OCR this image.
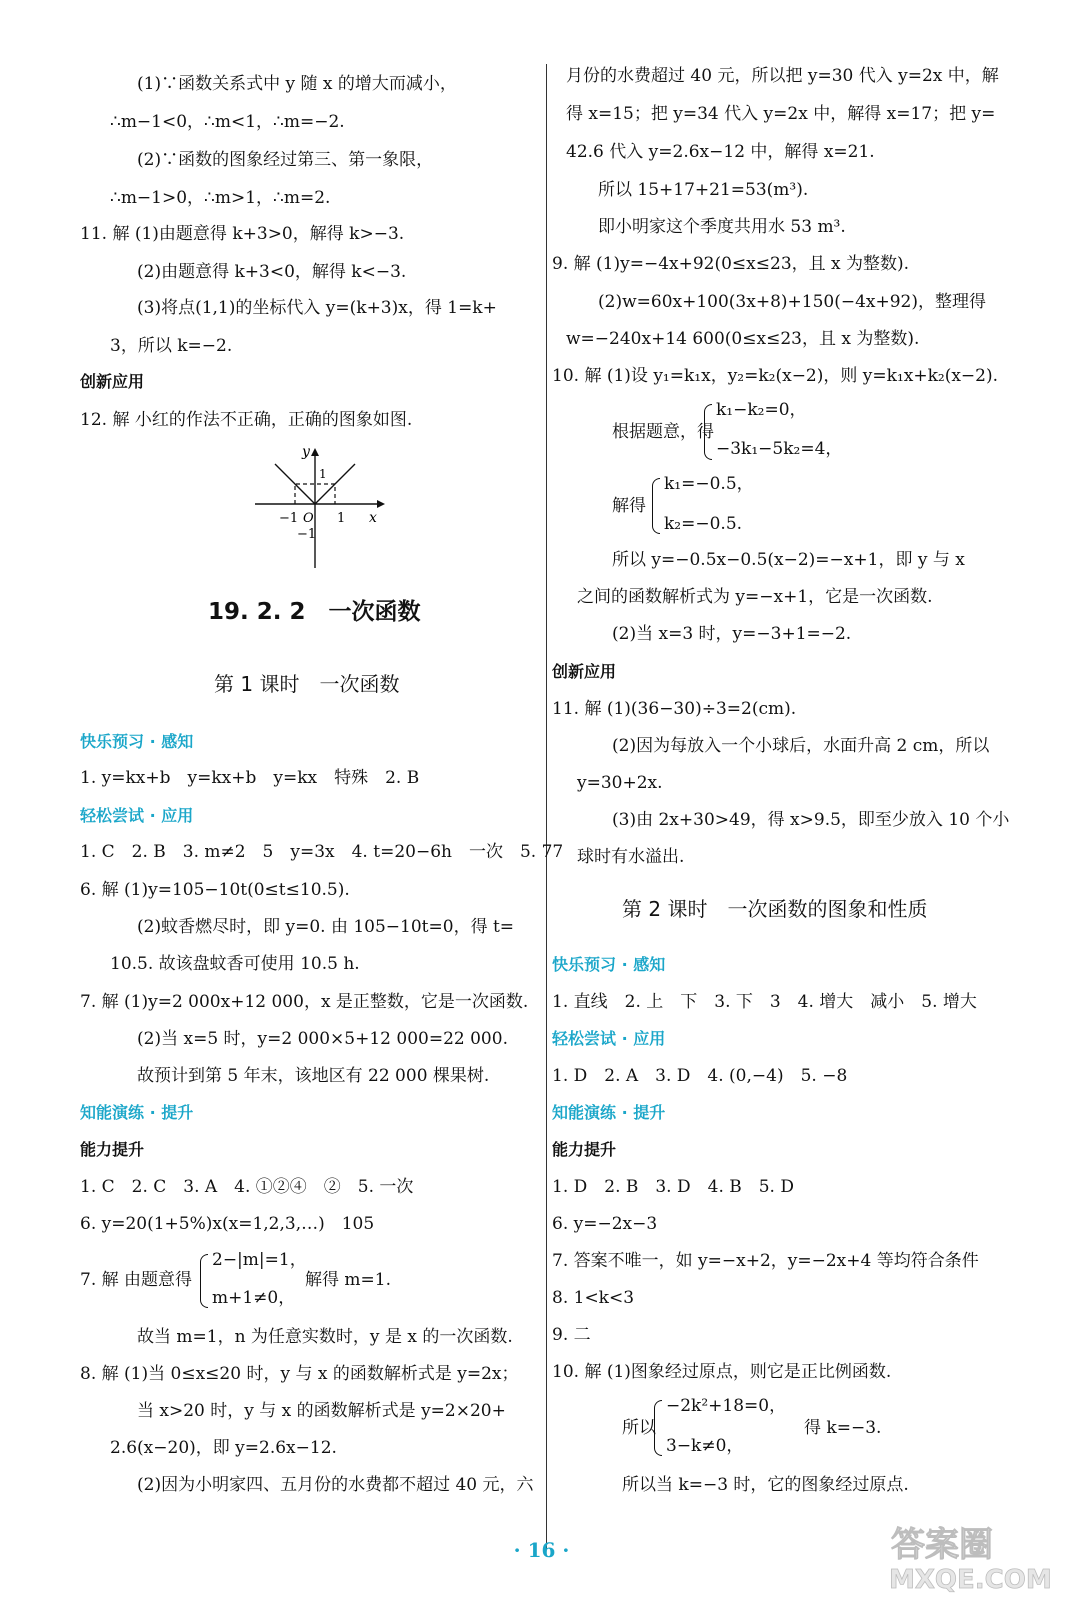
(1)∵函数关系式中 y 随 x 的增大而减小，
∴m−1<0，∴m<1，∴m=−2.
(2)∵函数的图象经过第三、第一象限，
∴m−1>0，∴m>1，∴m=2.
11. 解 (1)由题意得 k+3>0，解得 k>−3.
(2)由题意得 k+3<0，解得 k<−3.
(3)将点(1,1)的坐标代入 y=(k+3)x，得 1=k+
3，所以 k=−2.
创新应用
12. 解 小红的作法不正确，正确的图象如图.
y
x
1
−1 O 1
−1
19. 2. 2　一次函数
第 1 课时　一次函数
快乐预习 · 感知
1. y=kx+b　y=kx+b　y=kx　特殊　2. B
轻松尝试 · 应用
1. C　2. B　3. m≠2　5　y=3x　4. t=20−6h　一次　5. 77
6. 解 (1)y=105−10t(0≤t≤10.5).
(2)蚊香燃尽时，即 y=0. 由 105−10t=0，得 t=
10.5. 故该盘蚊香可使用 10.5 h.
7. 解 (1)y=2 000x+12 000，x 是正整数，它是一次函数.
(2)当 x=5 时，y=2 000×5+12 000=22 000.
故预计到第 5 年末，该地区有 22 000 棵果树.
知能演练 · 提升
能力提升
1. C　2. C　3. A　4. ①②④　②　5. 一次
6. y=20(1+5%)x(x=1,2,3,…)　105
7. 解 由题意得
2−|m|=1，
m+1≠0，
解得 m=1.
故当 m=1，n 为任意实数时，y 是 x 的一次函数.
8. 解 (1)当 0≤x≤20 时，y 与 x 的函数解析式是 y=2x；
当 x>20 时，y 与 x 的函数解析式是 y=2×20+
2.6(x−20)，即 y=2.6x−12.
(2)因为小明家四、五月份的水费都不超过 40 元，六
月份的水费超过 40 元，所以把 y=30 代入 y=2x 中，解
得 x=15；把 y=34 代入 y=2x 中，解得 x=17；把 y=
42.6 代入 y=2.6x−12 中，解得 x=21.
所以 15+17+21=53(m³).
即小明家这个季度共用水 53 m³.
9. 解 (1)y=−4x+92(0≤x≤23，且 x 为整数).
(2)w=60x+100(3x+8)+150(−4x+92)，整理得
w=−240x+14 600(0≤x≤23，且 x 为整数).
10. 解 (1)设 y₁=k₁x，y₂=k₂(x−2)，则 y=k₁x+k₂(x−2).
根据题意，得
k₁−k₂=0，
−3k₁−5k₂=4，
解得
k₁=−0.5，
k₂=−0.5.
所以 y=−0.5x−0.5(x−2)=−x+1，即 y 与 x
之间的函数解析式为 y=−x+1，它是一次函数.
(2)当 x=3 时，y=−3+1=−2.
创新应用
11. 解 (1)(36−30)÷3=2(cm).
(2)因为每放入一个小球后，水面升高 2 cm，所以
y=30+2x.
(3)由 2x+30>49，得 x>9.5，即至少放入 10 个小
球时有水溢出.
第 2 课时　一次函数的图象和性质
快乐预习 · 感知
1. 直线　2. 上　下　3. 下　3　4. 增大　减小　5. 增大
轻松尝试 · 应用
1. D　2. A　3. D　4. (0,−4)　5. −8
知能演练 · 提升
能力提升
1. D　2. B　3. D　4. B　5. D
6. y=−2x−3
7. 答案不唯一，如 y=−x+2，y=−2x+4 等均符合条件
8. 1<k<3
9. 二
10. 解 (1)图象经过原点，则它是正比例函数.
所以
−2k²+18=0，
3−k≠0，
得 k=−3.
所以当 k=−3 时，它的图象经过原点.
· 16 ·	答案圈
MXQE.COM
